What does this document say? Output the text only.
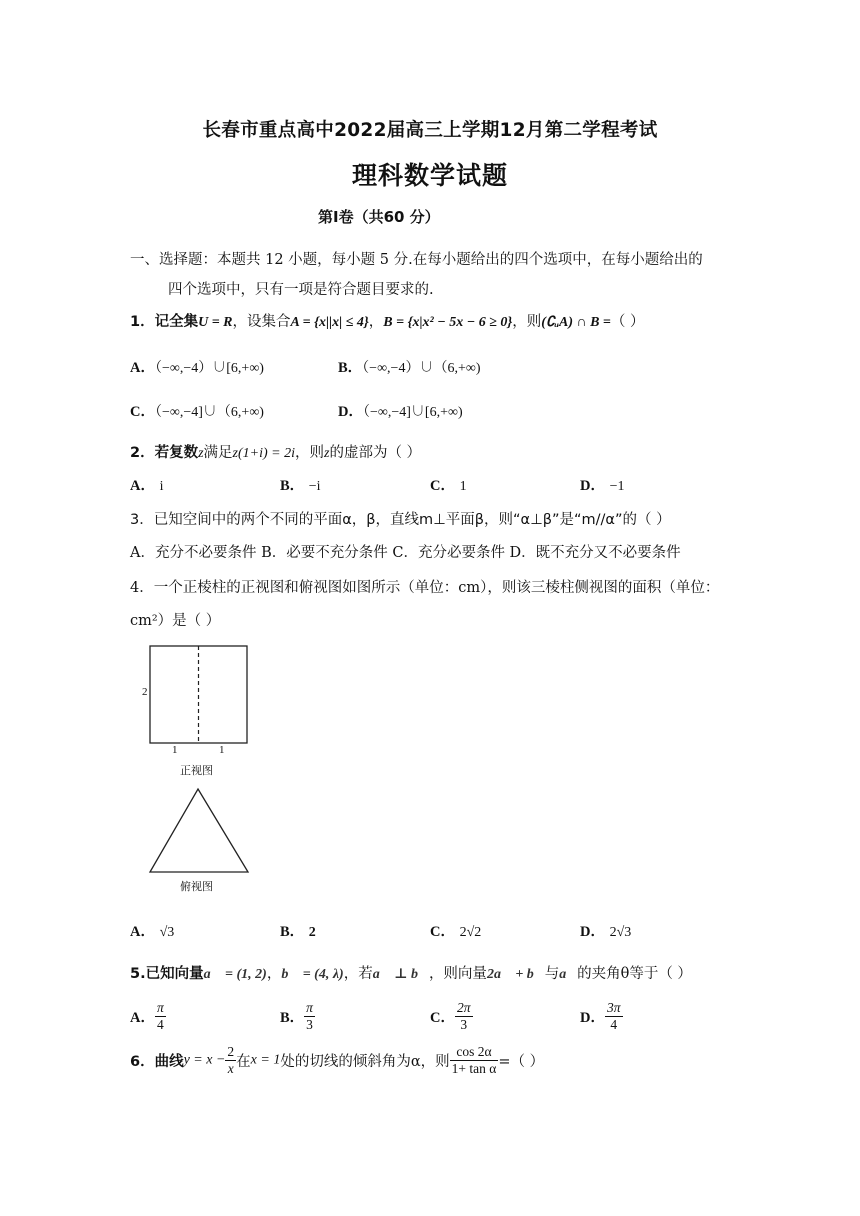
长春市重点高中2022届高三上学期12月第二学程考试
理科数学试题
第Ⅰ卷（共60 分）
一、选择题：本题共 12 小题，每小题 5 分.在每小题给出的四个选项中，在每小题给出的
四个选项中，只有一项是符合题目要求的.
1．记全集U = R，设集合A = {x||x| ≤ 4}，B = {x|x² − 5x − 6 ≥ 0}，则(∁ᵤA) ∩ B =（ ）
A．（−∞,−4）∪[6,+∞)	B．（−∞,−4）∪（6,+∞)
C．（−∞,−4]∪（6,+∞)	D．（−∞,−4]∪[6,+∞)
2．若复数z满足z(1+i) = 2i，则z的虚部为（ ）
A． i	B． −i	C． 1	D． −1
3．已知空间中的两个不同的平面α，β，直线m⊥平面β，则“α⊥β”是“m//α”的（ ）
A．充分不必要条件 B．必要不充分条件 C．充分必要条件 D．既不充分又不必要条件
4．一个正棱柱的正视图和俯视图如图所示（单位：cm），则该三棱柱侧视图的面积（单位：
cm²）是（ ）
2
1	1
正视图
俯视图
A． √3	B． 2	C． 2√2	D． 2√3
5.已知向量a⃗ = (1, 2)，b⃗ = (4, λ)，若a⃗ ⊥ b⃗，则向量2a⃗ + b⃗与a⃗的夹角θ等于（ ）
A． $\frac{\pi}{4}$	B． $\frac{\pi}{3}$	C． $\frac{2\pi}{3}$	D． $\frac{3\pi}{4}$
6．曲线$y = x - \frac{2}{x}$ 在x = 1处的切线的倾斜角为α，则 $\frac{\cos 2\alpha}{\text{1+ tan α}}$ =（ ）
